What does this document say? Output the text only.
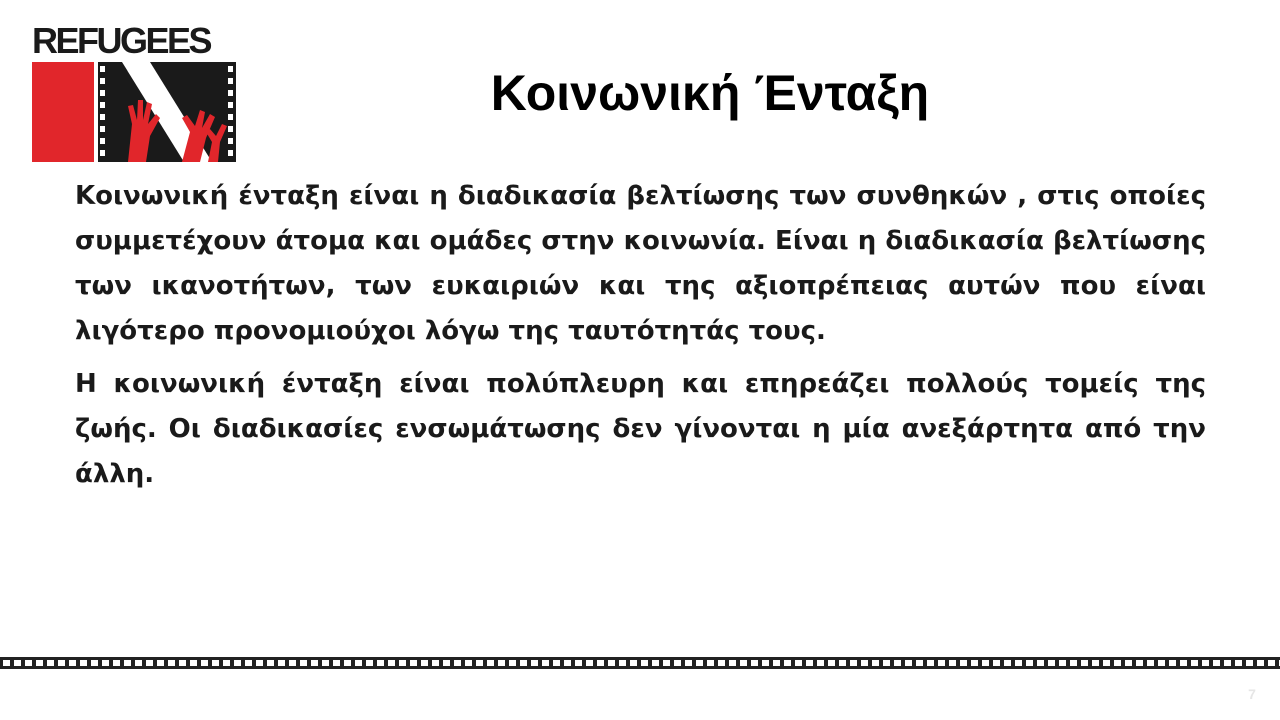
REFUGEES
Κοινωνική Ένταξη

Κοινωνική ένταξη είναι η διαδικασία βελτίωσης των συνθηκών , στις οποίες συμμετέχουν άτομα και ομάδες στην κοινωνία. Είναι η διαδικασία βελτίωσης των ικανοτήτων, των ευκαιριών και της αξιοπρέπειας αυτών που είναι λιγότερο προνομιούχοι λόγω της ταυτότητάς τους.

Η κοινωνική ένταξη είναι πολύπλευρη και επηρεάζει πολλούς τομείς της ζωής. Οι διαδικασίες ενσωμάτωσης δεν γίνονται η μία ανεξάρτητα από την άλλη.

7
